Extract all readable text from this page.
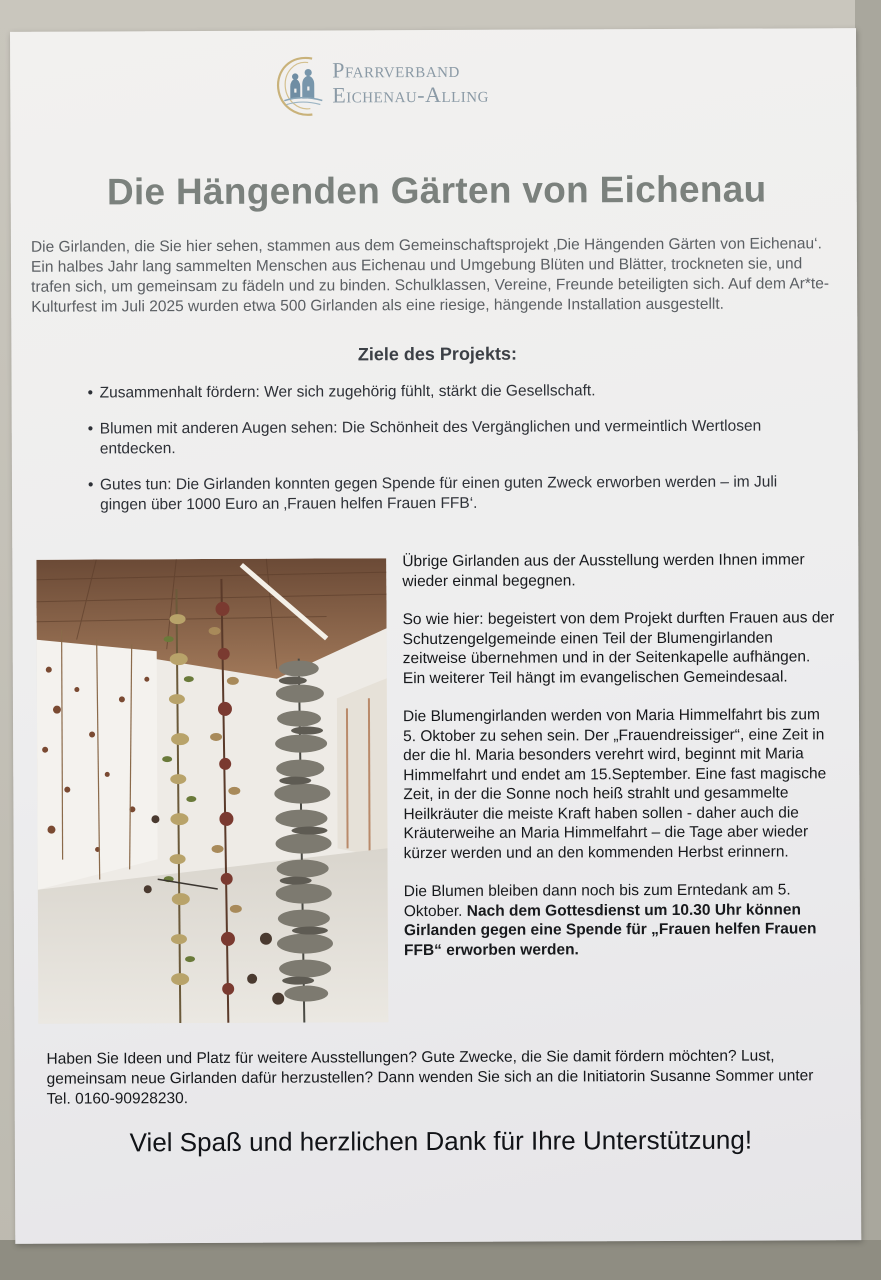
Pfarrverband
Eichenau-Alling
Die Hängenden Gärten von Eichenau
Die Girlanden, die Sie hier sehen, stammen aus dem Gemeinschaftsprojekt ‚Die Hängenden Gärten von Eichenau‘. Ein halbes Jahr lang sammelten Menschen aus Eichenau und Umgebung Blüten und Blätter, trockneten sie, und trafen sich, um gemeinsam zu fädeln und zu binden. Schulklassen, Vereine, Freunde beteiligten sich. Auf dem Ar*te-Kulturfest im Juli 2025 wurden etwa 500 Girlanden als eine riesige, hängende Installation ausgestellt.
Ziele des Projekts:
• Zusammenhalt fördern: Wer sich zugehörig fühlt, stärkt die Gesellschaft.
• Blumen mit anderen Augen sehen: Die Schönheit des Vergänglichen und vermeintlich Wertlosen entdecken.
• Gutes tun: Die Girlanden konnten gegen Spende für einen guten Zweck erworben werden – im Juli gingen über 1000 Euro an ‚Frauen helfen Frauen FFB‘.

Übrige Girlanden aus der Ausstellung werden Ihnen immer wieder einmal begegnen.

So wie hier: begeistert von dem Projekt durften Frauen aus der Schutzengelgemeinde einen Teil der Blumengirlanden zeitweise übernehmen und in der Seitenkapelle aufhängen.
Ein weiterer Teil hängt im evangelischen Gemeindesaal.

Die Blumengirlanden werden von Maria Himmelfahrt bis zum 5. Oktober zu sehen sein. Der „Frauendreissiger“, eine Zeit in der die hl. Maria besonders verehrt wird, beginnt mit Maria Himmelfahrt und endet am 15.September. Eine fast magische Zeit, in der die Sonne noch heiß strahlt und gesammelte Heilkräuter die meiste Kraft haben sollen - daher auch die Kräuterweihe an Maria Himmelfahrt – die Tage aber wieder kürzer werden und an den kommenden Herbst erinnern.

Die Blumen bleiben dann noch bis zum Erntedank am 5. Oktober. Nach dem Gottesdienst um 10.30 Uhr können Girlanden gegen eine Spende für „Frauen helfen Frauen FFB“ erworben werden.

Haben Sie Ideen und Platz für weitere Ausstellungen? Gute Zwecke, die Sie damit fördern möchten? Lust, gemeinsam neue Girlanden dafür herzustellen? Dann wenden Sie sich an die Initiatorin Susanne Sommer unter Tel. 0160-90928230.
Viel Spaß und herzlichen Dank für Ihre Unterstützung!
